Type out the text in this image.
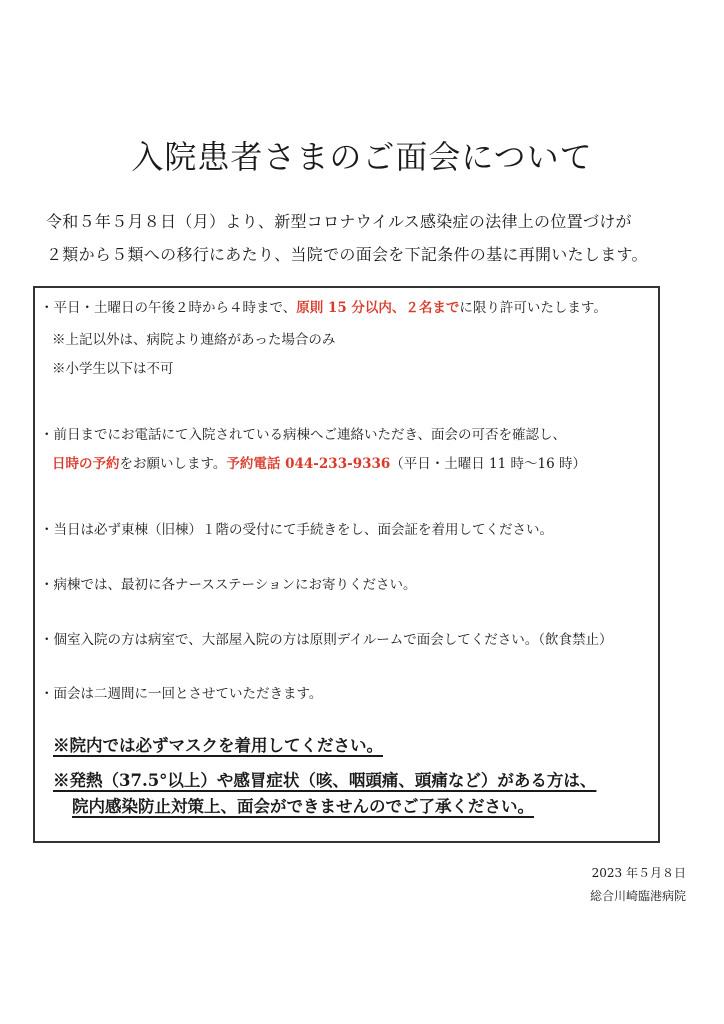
入院患者さまのご面会について
令和５年５月８日（月）より、新型コロナウイルス感染症の法律上の位置づけが
２類から５類への移行にあたり、当院での面会を下記条件の基に再開いたします。
・平日・土曜日の午後２時から４時まで、原則 15 分以内、２名までに限り許可いたします。
※上記以外は、病院より連絡があった場合のみ
※小学生以下は不可
・前日までにお電話にて入院されている病棟へご連絡いただき、面会の可否を確認し、
日時の予約をお願いします。予約電話 044-233-9336（平日・土曜日 11 時〜16 時）
・当日は必ず東棟（旧棟）１階の受付にて手続きをし、面会証を着用してください。
・病棟では、最初に各ナースステーションにお寄りください。
・個室入院の方は病室で、大部屋入院の方は原則デイルームで面会してください。（飲食禁止）
・面会は二週間に一回とさせていただきます。
※院内では必ずマスクを着用してください。
※発熱（37.5°以上）や感冒症状（咳、咽頭痛、頭痛など）がある方は、
院内感染防止対策上、面会ができませんのでご了承ください。
2023 年５月８日
総合川崎臨港病院
